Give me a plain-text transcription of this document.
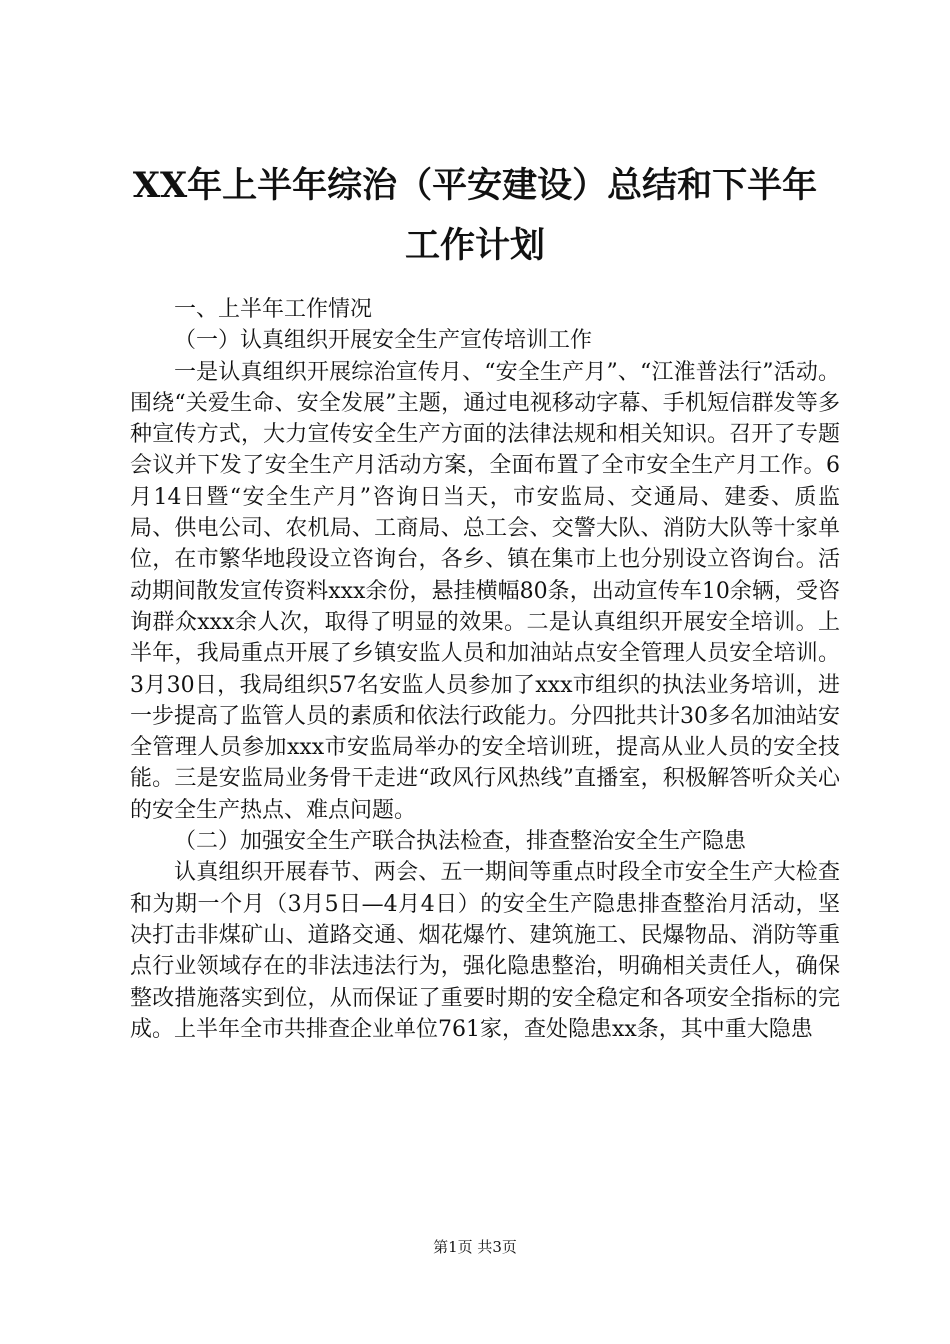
XX年上半年综治（平安建设）总结和下半年
工作计划

一、上半年工作情况

（一）认真组织开展安全生产宣传培训工作

一是认真组织开展综治宣传月、“安全生产月”、“江淮普法行”活动。围绕“关爱生命、安全发展”主题，通过电视移动字幕、手机短信群发等多种宣传方式，大力宣传安全生产方面的法律法规和相关知识。召开了专题会议并下发了安全生产月活动方案，全面布置了全市安全生产月工作。6月14日暨“安全生产月”咨询日当天，市安监局、交通局、建委、质监局、供电公司、农机局、工商局、总工会、交警大队、消防大队等十家单位，在市繁华地段设立咨询台，各乡、镇在集市上也分别设立咨询台。活动期间散发宣传资料xxx余份，悬挂横幅80条，出动宣传车10余辆，受咨询群众xxx余人次，取得了明显的效果。二是认真组织开展安全培训。上半年，我局重点开展了乡镇安监人员和加油站点安全管理人员安全培训。3月30日，我局组织57名安监人员参加了xxx市组织的执法业务培训，进一步提高了监管人员的素质和依法行政能力。分四批共计30多名加油站安全管理人员参加xxx市安监局举办的安全培训班，提高从业人员的安全技能。三是安监局业务骨干走进“政风行风热线”直播室，积极解答听众关心的安全生产热点、难点问题。

（二）加强安全生产联合执法检查，排查整治安全生产隐患

认真组织开展春节、两会、五一期间等重点时段全市安全生产大检查和为期一个月（3月5日—4月4日）的安全生产隐患排查整治月活动，坚决打击非煤矿山、道路交通、烟花爆竹、建筑施工、民爆物品、消防等重点行业领域存在的非法违法行为，强化隐患整治，明确相关责任人，确保整改措施落实到位，从而保证了重要时期的安全稳定和各项安全指标的完成。上半年全市共排查企业单位761家，查处隐患xx条，其中重大隐患

第1页 共3页
